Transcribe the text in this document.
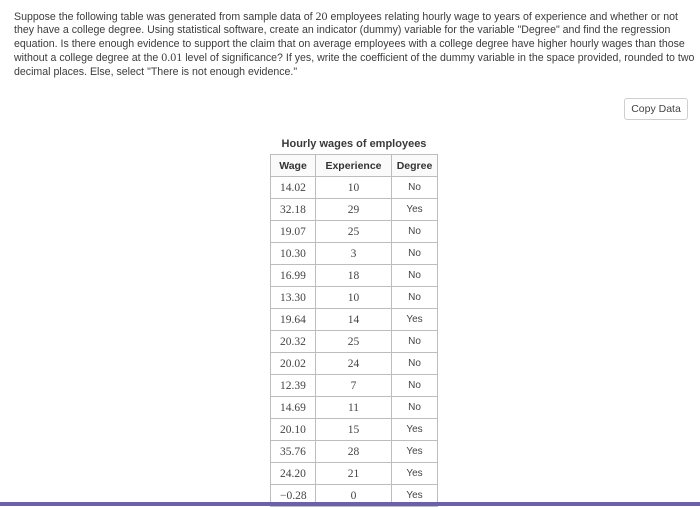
Suppose the following table was generated from sample data of 20 employees relating hourly wage to years of experience and whether or not they have a college degree. Using statistical software, create an indicator (dummy) variable for the variable "Degree" and find the regression equation. Is there enough evidence to support the claim that on average employees with a college degree have higher hourly wages than those without a college degree at the 0.01 level of significance? If yes, write the coefficient of the dummy variable in the space provided, rounded to two decimal places. Else, select "There is not enough evidence."
Copy Data
Hourly wages of employees
Wage	Experience	Degree
14.02	10	No
32.18	29	Yes
19.07	25	No
10.30	3	No
16.99	18	No
13.30	10	No
19.64	14	Yes
20.32	25	No
20.02	24	No
12.39	7	No
14.69	11	No
20.10	15	Yes
35.76	28	Yes
24.20	21	Yes
−0.28	0	Yes
